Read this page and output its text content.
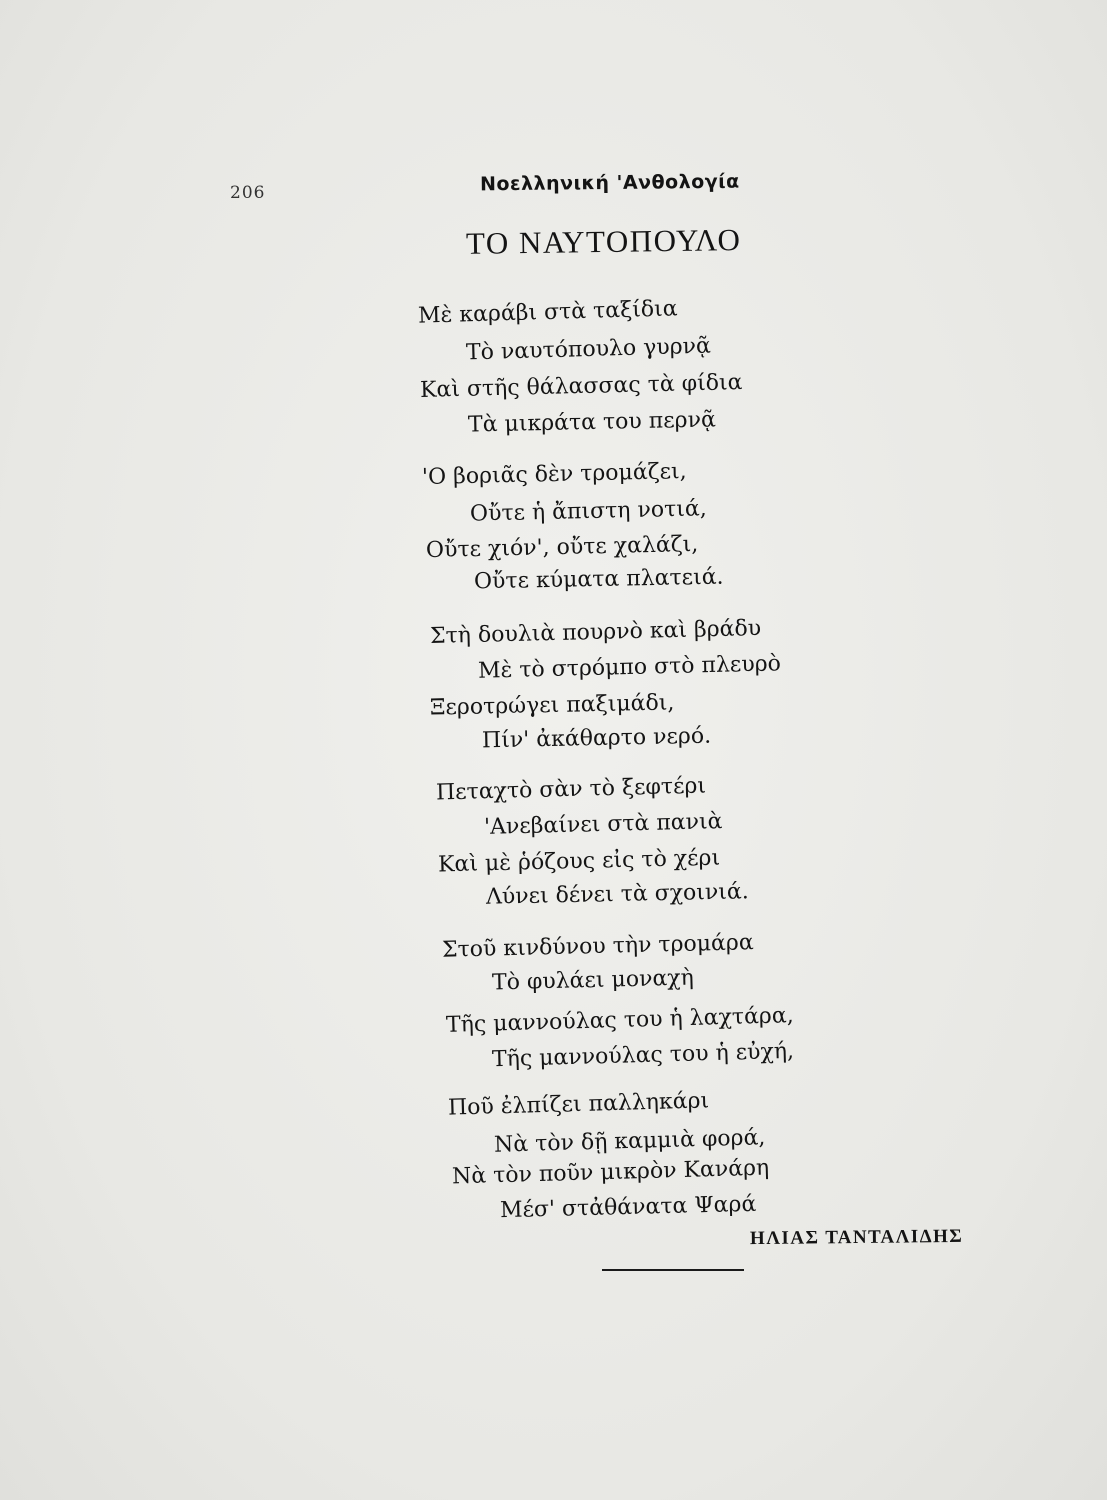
206	Νοελληνική 'Ανθολογία
ΤΟ ΝΑΥΤΟΠΟΥΛΟ
Μὲ καράβι στὰ ταξίδια
Τὸ ναυτόπουλο γυρνᾷ
Καὶ στῆς θάλασσας τὰ φίδια
Τὰ μικράτα του περνᾷ
'Ο βοριᾶς δὲν τρομάζει,
Οὔτε ἡ ἄπιστη νοτιά,
Οὔτε χιόν', οὔτε χαλάζι,
Οὔτε κύματα πλατειά.
Στὴ δουλιὰ πουρνὸ καὶ βράδυ
Μὲ τὸ στρόμπο στὸ πλευρὸ
Ξεροτρώγει παξιμάδι,
Πίν' ἀκάθαρτο νερό.
Πεταχτὸ σὰν τὸ ξεφτέρι
'Ανεβαίνει στὰ πανιὰ
Καὶ μὲ ῥόζους εἰς τὸ χέρι
Λύνει δένει τὰ σχοινιά.
Στοῦ κινδύνου τὴν τρομάρα
Τὸ φυλάει μοναχὴ
Τῆς μαννούλας του ἡ λαχτάρα,
Τῆς μαννούλας του ἡ εὐχή,
Ποῦ ἐλπίζει παλληκάρι
Νὰ τὸν δῇ καμμιὰ φορά,
Νὰ τὸν ποῦν μικρὸν Κανάρη
Μέσ' στἀθάνατα Ψαρά
ΗΛΙΑΣ ΤΑΝΤΑΛΙΔΗΣ
